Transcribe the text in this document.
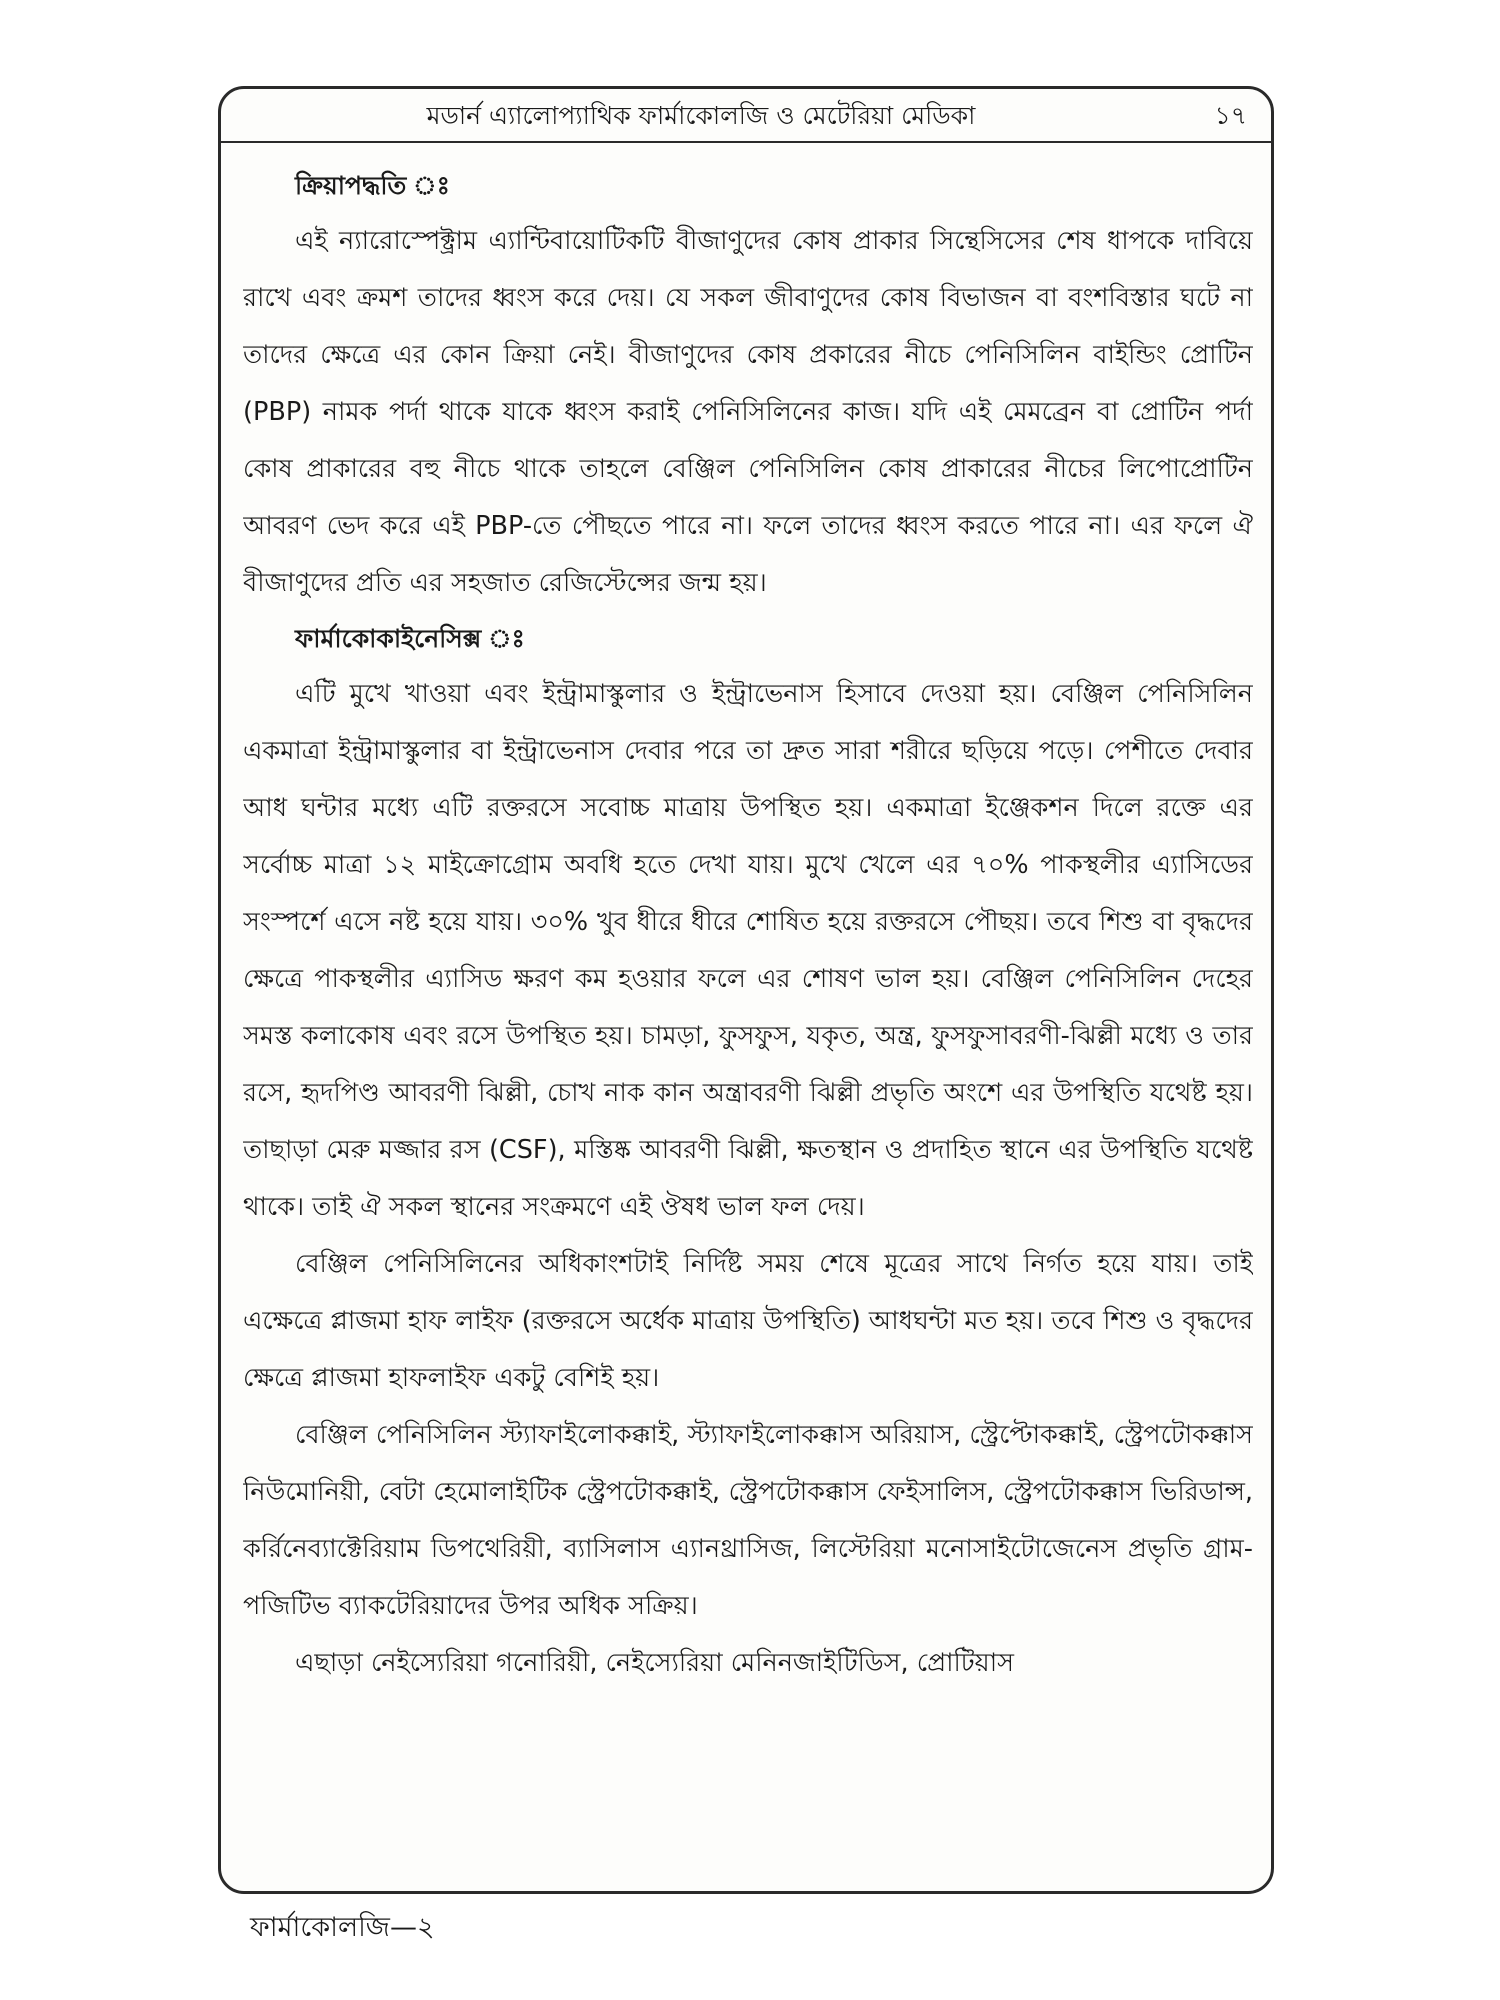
মডার্ন এ্যালোপ্যাথিক ফার্মাকোলজি ও মেটেরিয়া মেডিকা	১৭
ক্রিয়াপদ্ধতি ঃ

এই ন্যারোস্পেক্ট্রাম এ্যান্টিবায়োটিকটি বীজাণুদের কোষ প্রাকার সিন্থেসিসের শেষ ধাপকে দাবিয়ে রাখে এবং ক্রমশ তাদের ধ্বংস করে দেয়। যে সকল জীবাণুদের কোষ বিভাজন বা বংশবিস্তার ঘটে না তাদের ক্ষেত্রে এর কোন ক্রিয়া নেই। বীজাণুদের কোষ প্রকারের নীচে পেনিসিলিন বাইন্ডিং প্রোটিন (PBP) নামক পর্দা থাকে যাকে ধ্বংস করাই পেনিসিলিনের কাজ। যদি এই মেমব্রেন বা প্রোটিন পর্দা কোষ প্রাকারের বহু নীচে থাকে তাহলে বেঞ্জিল পেনিসিলিন কোষ প্রাকারের নীচের লিপোপ্রোটিন আবরণ ভেদ করে এই PBP-তে পৌছতে পারে না। ফলে তাদের ধ্বংস করতে পারে না। এর ফলে ঐ বীজাণুদের প্রতি এর সহজাত রেজিস্টেন্সের জন্ম হয়।

ফার্মাকোকাইনেসিক্স ঃ

এটি মুখে খাওয়া এবং ইন্ট্রামাস্কুলার ও ইন্ট্রাভেনাস হিসাবে দেওয়া হয়। বেঞ্জিল পেনিসিলিন একমাত্রা ইন্ট্রামাস্কুলার বা ইন্ট্রাভেনাস দেবার পরে তা দ্রুত সারা শরীরে ছড়িয়ে পড়ে। পেশীতে দেবার আধ ঘন্টার মধ্যে এটি রক্তরসে সবোচ্চ মাত্রায় উপস্থিত হয়। একমাত্রা ইঞ্জেকশন দিলে রক্তে এর সর্বোচ্চ মাত্রা ১২ মাইক্রোগ্রোম অবধি হতে দেখা যায়। মুখে খেলে এর ৭০% পাকস্থলীর এ্যাসিডের সংস্পর্শে এসে নষ্ট হয়ে যায়। ৩০% খুব ধীরে ধীরে শোষিত হয়ে রক্তরসে পৌছয়। তবে শিশু বা বৃদ্ধদের ক্ষেত্রে পাকস্থলীর এ্যাসিড ক্ষরণ কম হওয়ার ফলে এর শোষণ ভাল হয়। বেঞ্জিল পেনিসিলিন দেহের সমস্ত কলাকোষ এবং রসে উপস্থিত হয়। চামড়া, ফুসফুস, যকৃত, অন্ত্র, ফুসফুসাবরণী-ঝিল্লী মধ্যে ও তার রসে, হৃদপিণ্ড আবরণী ঝিল্লী, চোখ নাক কান অন্ত্রাবরণী ঝিল্লী প্রভৃতি অংশে এর উপস্থিতি যথেষ্ট হয়। তাছাড়া মেরু মজ্জার রস (CSF), মস্তিষ্ক আবরণী ঝিল্লী, ক্ষতস্থান ও প্রদাহিত স্থানে এর উপস্থিতি যথেষ্ট থাকে। তাই ঐ সকল স্থানের সংক্রমণে এই ঔষধ ভাল ফল দেয়।

বেঞ্জিল পেনিসিলিনের অধিকাংশটাই নির্দিষ্ট সময় শেষে মূত্রের সাথে নির্গত হয়ে যায়। তাই এক্ষেত্রে প্লাজমা হাফ লাইফ (রক্তরসে অর্ধেক মাত্রায় উপস্থিতি) আধঘন্টা মত হয়। তবে শিশু ও বৃদ্ধদের ক্ষেত্রে প্লাজমা হাফলাইফ একটু বেশিই হয়।

বেঞ্জিল পেনিসিলিন স্ট্যাফাইলোকক্কাই, স্ট্যাফাইলোকক্কাস অরিয়াস, স্ট্রেপ্টোকক্কাই, স্ট্রেপটোকক্কাস নিউমোনিয়ী, বেটা হেমোলাইটিক স্ট্রেপটোকক্কাই, স্ট্রেপটোকক্কাস ফেইসালিস, স্ট্রেপটোকক্কাস ভিরিডান্স, কর্রিনেব্যাক্টেরিয়াম ডিপথেরিয়ী, ব্যাসিলাস এ্যানথ্রাসিজ, লিস্টেরিয়া মনোসাইটোজেনেস প্রভৃতি গ্রাম-পজিটিভ ব্যাকটেরিয়াদের উপর অধিক সক্রিয়।

এছাড়া নেইস্যেরিয়া গনোরিয়ী, নেইস্যেরিয়া মেনিনজাইটিডিস, প্রোটিয়াস

ফার্মাকোলজি—২
